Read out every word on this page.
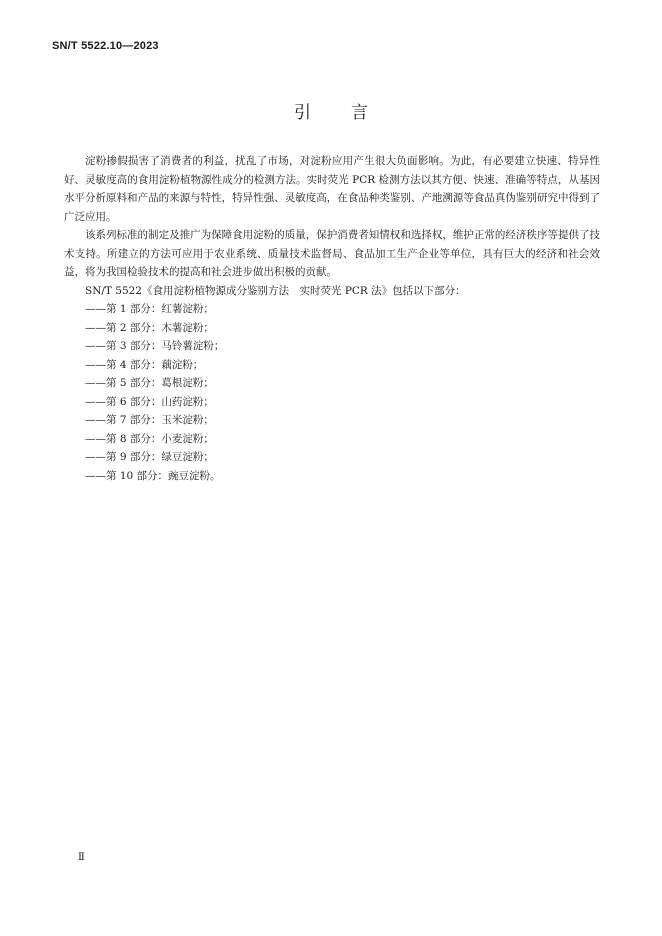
SN/T 5522.10—2023
引言

淀粉掺假损害了消费者的利益，扰乱了市场，对淀粉应用产生很大负面影响。为此，有必要建立快速、特异性好、灵敏度高的食用淀粉植物源性成分的检测方法。实时荧光 PCR 检测方法以其方便、快速、准确等特点，从基因水平分析原料和产品的来源与特性，特异性强、灵敏度高，在食品种类鉴别、产地溯源等食品真伪鉴别研究中得到了广泛应用。

该系列标准的制定及推广为保障食用淀粉的质量，保护消费者知情权和选择权，维护正常的经济秩序等提供了技术支持。所建立的方法可应用于农业系统、质量技术监督局、食品加工生产企业等单位，具有巨大的经济和社会效益，将为我国检验技术的提高和社会进步做出积极的贡献。

SN/T 5522《食用淀粉植物源成分鉴别方法　实时荧光 PCR 法》包括以下部分：

——第 1 部分：红薯淀粉；
——第 2 部分：木薯淀粉；
——第 3 部分：马铃薯淀粉；
——第 4 部分：藕淀粉；
——第 5 部分：葛根淀粉；
——第 6 部分：山药淀粉；
——第 7 部分：玉米淀粉；
——第 8 部分：小麦淀粉；
——第 9 部分：绿豆淀粉；
——第 10 部分：豌豆淀粉。
Ⅱ
